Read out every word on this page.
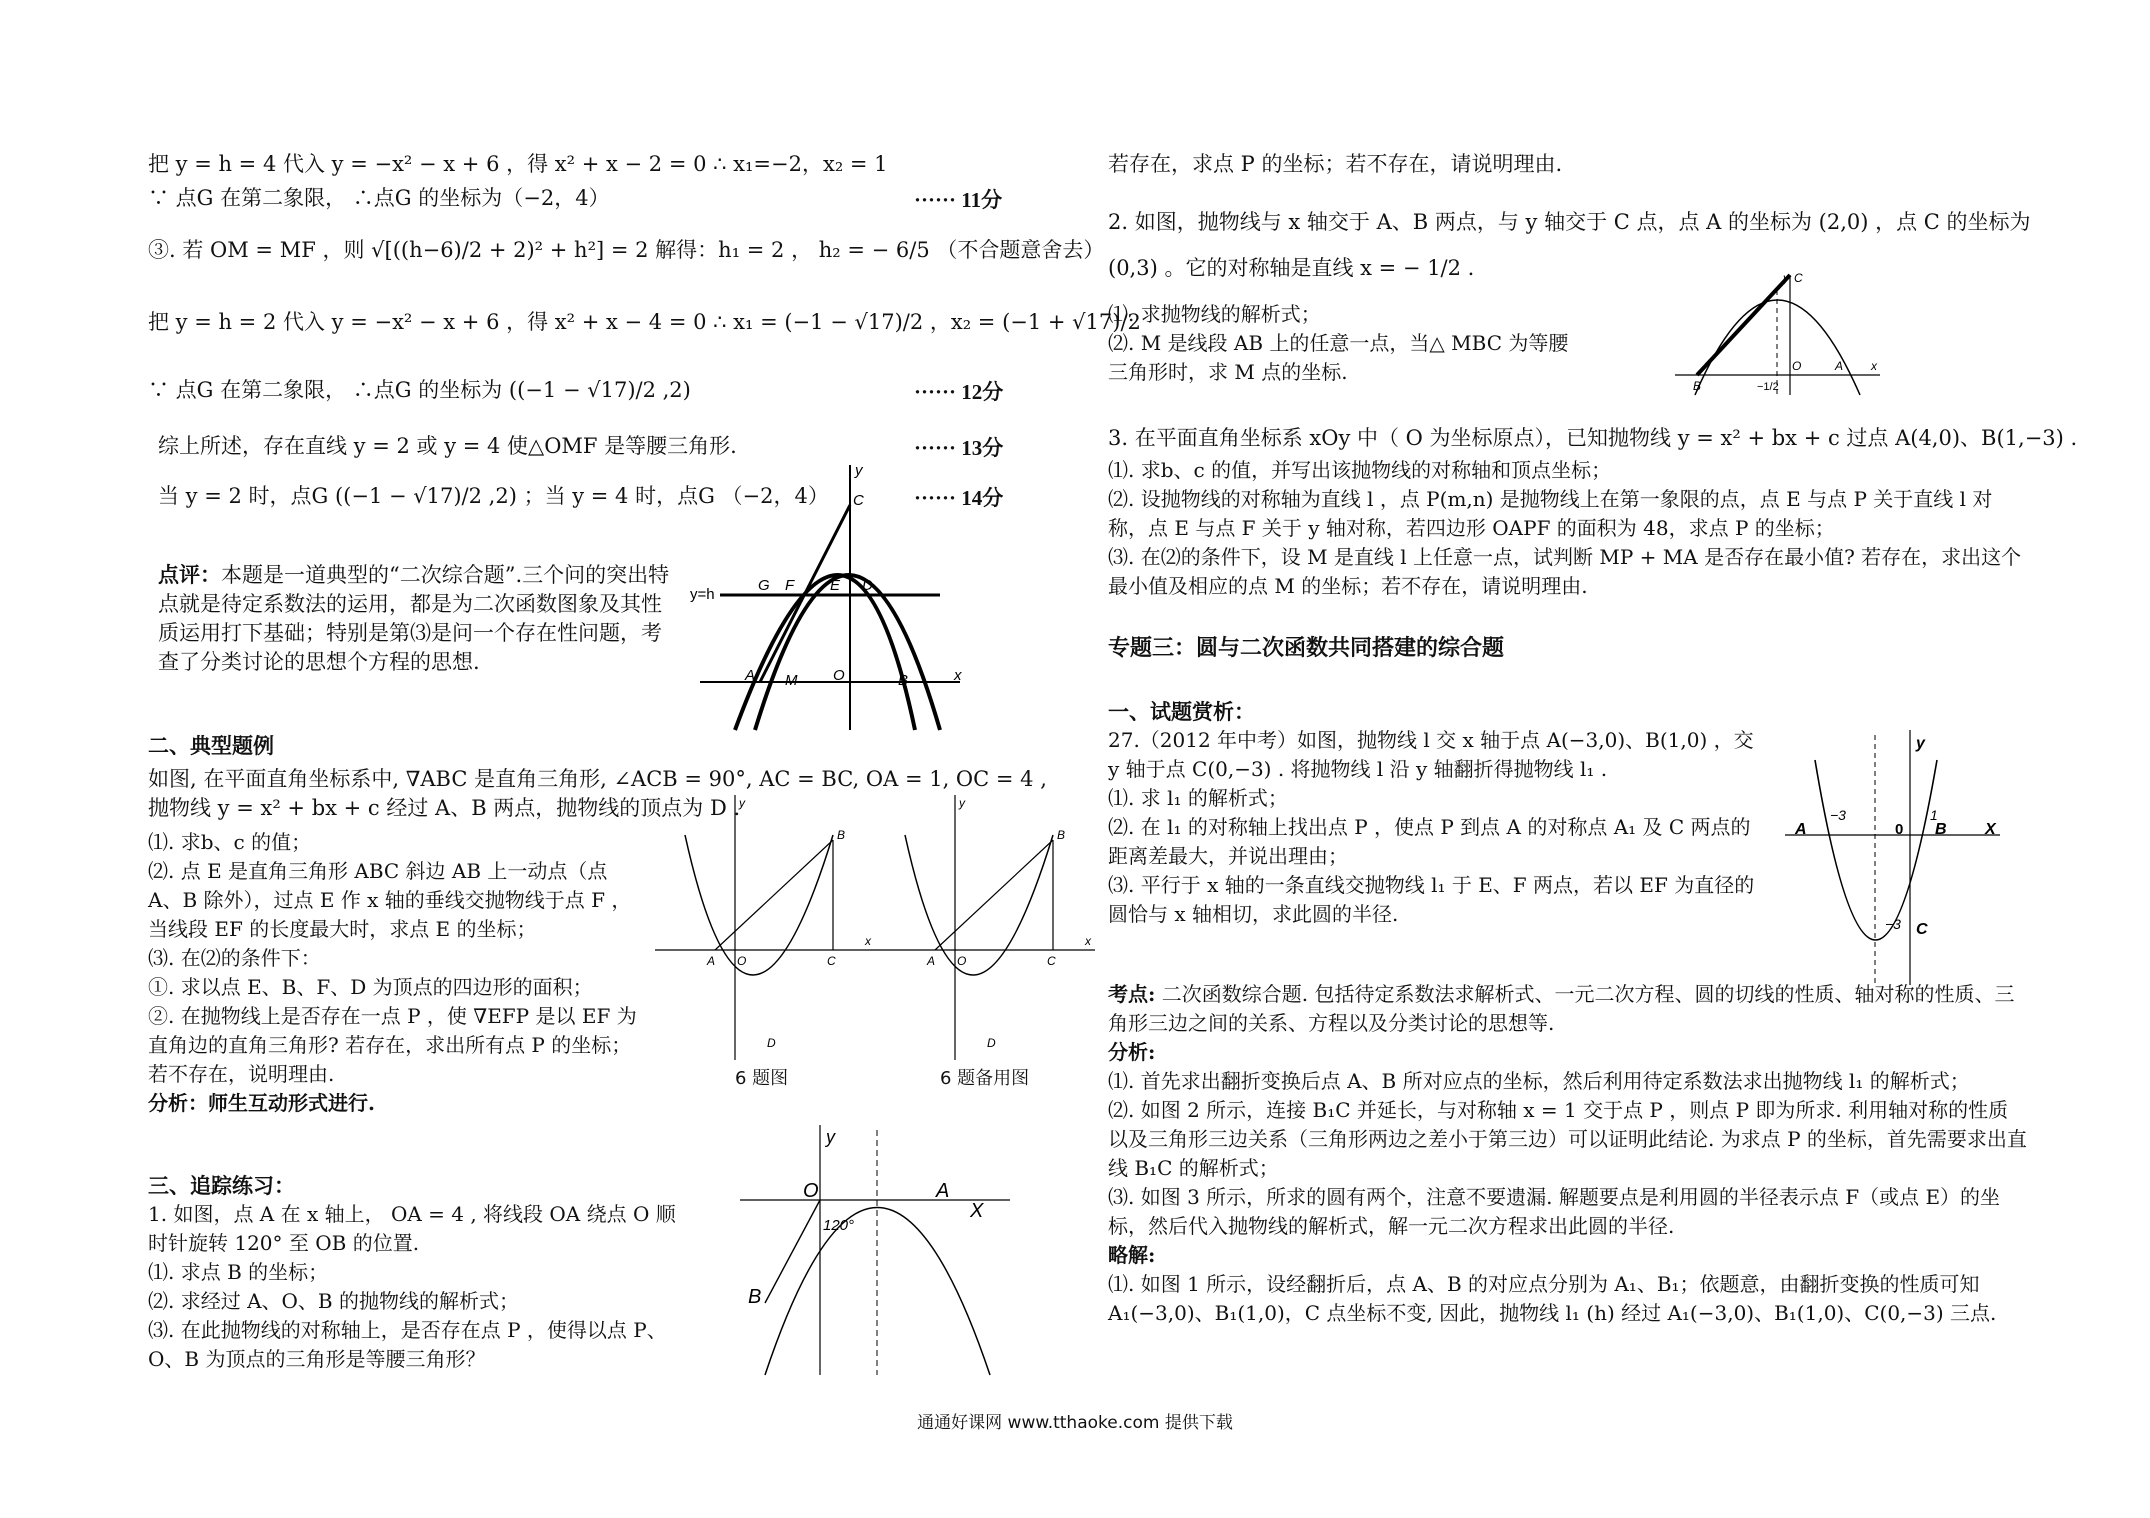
把 y = h = 4 代入 y = −x² − x + 6 ，得 x² + x − 2 = 0 ∴ x₁=−2，x₂ = 1
∵ 点G 在第二象限， ∴点G 的坐标为（−2，4）	······ 11分
③. 若 OM = MF ，则 √[((h−6)/2 + 2)² + h²] = 2 解得：h₁ = 2 ， h₂ = − 6/5 （不合题意舍去）
把 y = h = 2 代入 y = −x² − x + 6 ，得 x² + x − 4 = 0 ∴ x₁ = (−1 − √17)/2 ，x₂ = (−1 + √17)/2
∵ 点G 在第二象限， ∴点G 的坐标为 ((−1 − √17)/2 ,2)	······ 12分
综上所述，存在直线 y = 2 或 y = 4 使△OMF 是等腰三角形.	······ 13分
当 y = 2 时，点G ((−1 − √17)/2 ,2) ；当 y = 4 时，点G （−2，4）	······ 14分
点评：本题是一道典型的“二次综合题”.三个问的突出特点就是待定系数法的运用，都是为二次函数图象及其性质运用打下基础；特别是第⑶是问一个存在性问题，考查了分类讨论的思想个方程的思想.
二、典型题例
如图, 在平面直角坐标系中, ∇ABC 是直角三角形, ∠ACB = 90°, AC = BC, OA = 1, OC = 4 , 抛物线 y = x² + bx + c 经过 A、B 两点，抛物线的顶点为 D .
⑴. 求b、c 的值；
⑵. 点 E 是直角三角形 ABC 斜边 AB 上一动点（点 A、B 除外），过点 E 作 x 轴的垂线交抛物线于点 F ，当线段 EF 的长度最大时，求点 E 的坐标；
⑶. 在⑵的条件下：
①. 求以点 E、B、F、D 为顶点的四边形的面积；
②. 在抛物线上是否存在一点 P ，使 ∇EFP 是以 EF 为直角边的直角三角形? 若存在，求出所有点 P 的坐标；若不存在，说明理由.
分析：师生互动形式进行.
三、追踪练习：
1. 如图，点 A 在 x 轴上， OA = 4 , 将线段 OA 绕点 O 顺时针旋转 120° 至 OB 的位置.
⑴. 求点 B 的坐标；
⑵. 求经过 A、O、B 的抛物线的解析式；
⑶. 在此抛物线的对称轴上，是否存在点 P ，使得以点 P、O、B 为顶点的三角形是等腰三角形？
y=h
G F E D
C
A M O	B	x
y
A O
B
C
D
x
y
6 题图
A O
B
C
D
x
y
6 题备用图
O	A
B
120°
X
y
若存在，求点 P 的坐标；若不存在，请说明理由.
2. 如图，抛物线与 x 轴交于 A、B 两点，与 y 轴交于 C 点，点 A 的坐标为 (2,0) ，点 C 的坐标为
(0,3) 。它的对称轴是直线 x = − 1/2 .
⑴. 求抛物线的解析式；
⑵. M 是线段 AB 上的任意一点，当△ MBC 为等腰三角形时，求 M 点的坐标.
3. 在平面直角坐标系 xOy 中（ O 为坐标原点），已知抛物线 y = x² + bx + c 过点 A(4,0)、B(1,−3) .
⑴. 求b、c 的值，并写出该抛物线的对称轴和顶点坐标；
⑵. 设抛物线的对称轴为直线 l ，点 P(m,n) 是抛物线上在第一象限的点，点 E 与点 P 关于直线 l 对称，点 E 与点 F 关于 y 轴对称，若四边形 OAPF 的面积为 48，求点 P 的坐标；
⑶. 在⑵的条件下，设 M 是直线 l 上任意一点，试判断 MP + MA 是否存在最小值? 若存在，求出这个最小值及相应的点 M 的坐标；若不存在，请说明理由.
专题三：圆与二次函数共同搭建的综合题
一、试题赏析：
27.（2012 年中考）如图，抛物线 l 交 x 轴于点 A(−3,0)、B(1,0) ，交 y 轴于点 C(0,−3) . 将抛物线 l 沿 y 轴翻折得抛物线 l₁ .
⑴. 求 l₁ 的解析式；
⑵. 在 l₁ 的对称轴上找出点 P ，使点 P 到点 A 的对称点 A₁ 及 C 两点的距离差最大，并说出理由；
⑶. 平行于 x 轴的一条直线交抛物线 l₁ 于 E、F 两点，若以 EF 为直径的圆恰与 x 轴相切，求此圆的半径.
考点: 二次函数综合题. 包括待定系数法求解析式、一元二次方程、圆的切线的性质、轴对称的性质、三角形三边之间的关系、方程以及分类讨论的思想等.
分析:
⑴. 首先求出翻折变换后点 A、B 所对应点的坐标，然后利用待定系数法求出抛物线 l₁ 的解析式；
⑵. 如图 2 所示，连接 B₁C 并延长，与对称轴 x = 1 交于点 P ，则点 P 即为所求. 利用轴对称的性质以及三角形三边关系（三角形两边之差小于第三边）可以证明此结论. 为求点 P 的坐标，首先需要求出直线 B₁C 的解析式；
⑶. 如图 3 所示，所求的圆有两个，注意不要遗漏. 解题要点是利用圆的半径表示点 F（或点 E）的坐标，然后代入抛物线的解析式，解一元二次方程求出此圆的半径.
略解:
⑴. 如图 1 所示，设经翻折后，点 A、B 的对应点分别为 A₁、B₁；依题意，由翻折变换的性质可知 A₁(−3,0)、B₁(1,0)，C 点坐标不变, 因此，抛物线 l₁ (h) 经过 A₁(−3,0)、B₁(1,0)、C(0,−3) 三点.
B	−1/2
O	A
C
x
y
A
−3
0
1
B X
−3 C
y
通通好课网 www.tthaoke.com 提供下载
